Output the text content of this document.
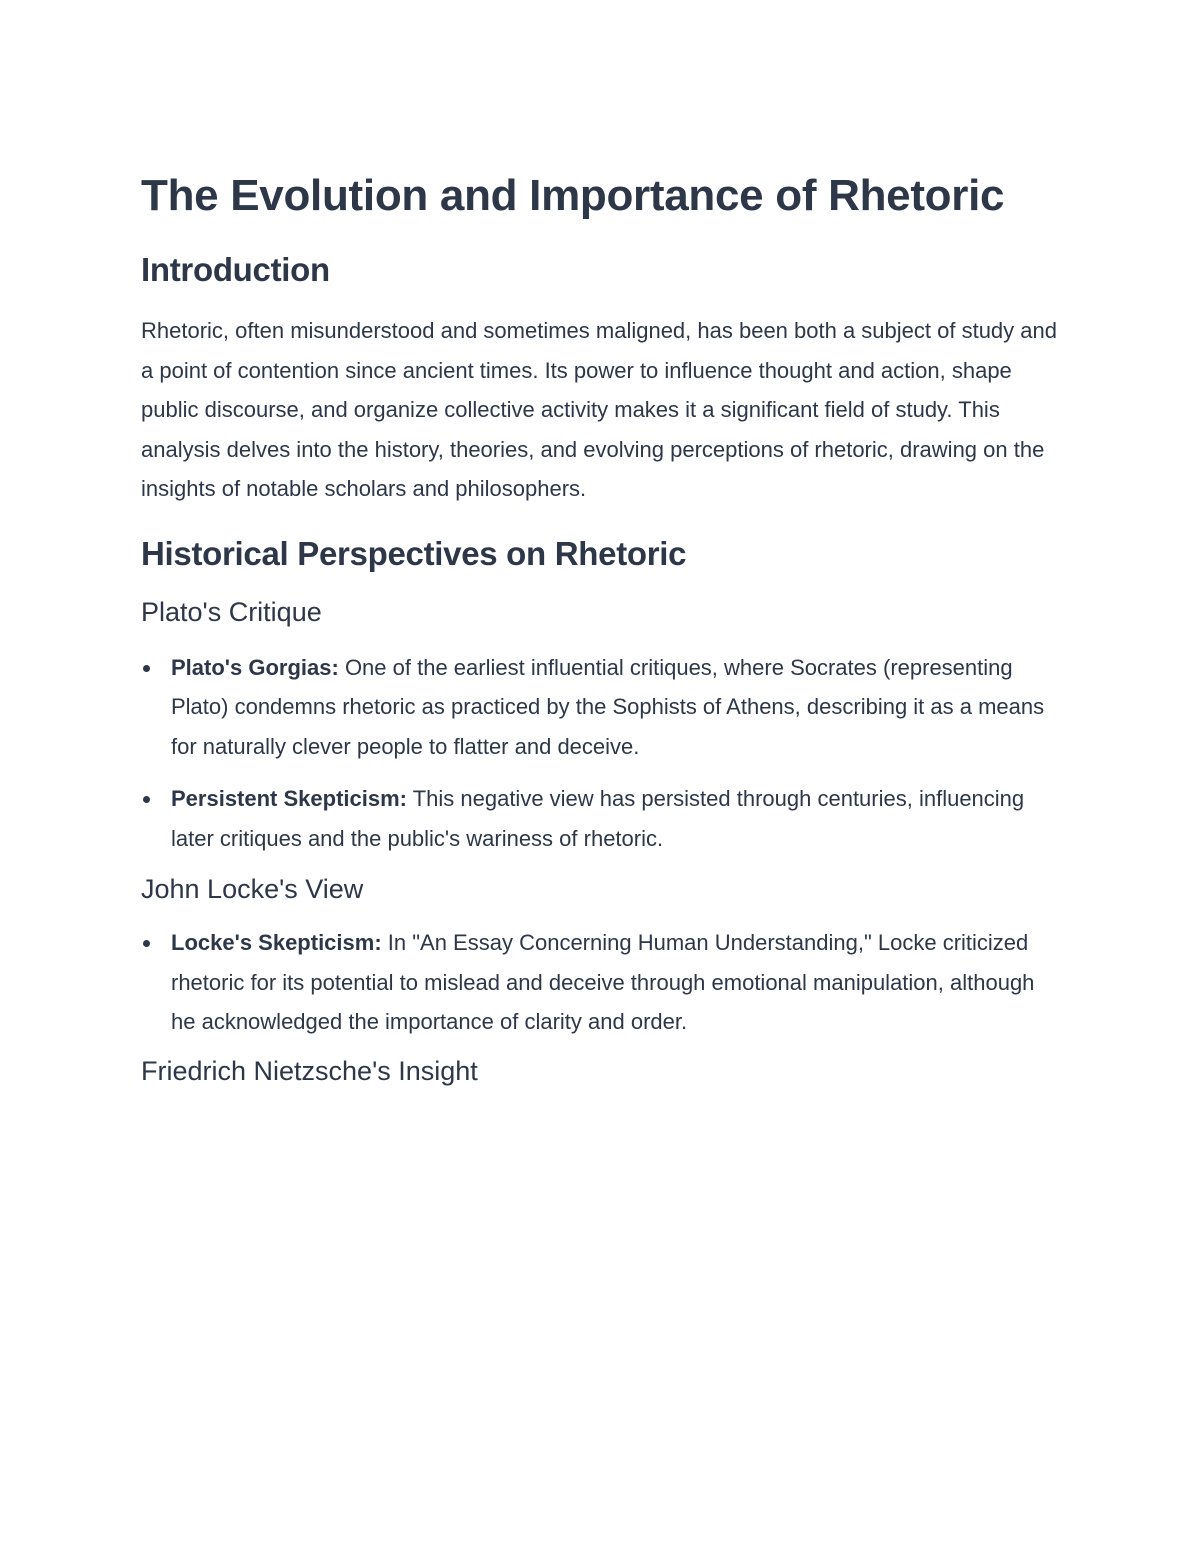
The Evolution and Importance of Rhetoric
Introduction

Rhetoric, often misunderstood and sometimes maligned, has been both a subject of study and a point of contention since ancient times. Its power to influence thought and action, shape public discourse, and organize collective activity makes it a significant field of study. This analysis delves into the history, theories, and evolving perceptions of rhetoric, drawing on the insights of notable scholars and philosophers.

Historical Perspectives on Rhetoric
Plato's Critique
Plato's Gorgias: One of the earliest influential critiques, where Socrates (representing Plato) condemns rhetoric as practiced by the Sophists of Athens, describing it as a means for naturally clever people to flatter and deceive.
Persistent Skepticism: This negative view has persisted through centuries, influencing later critiques and the public's wariness of rhetoric.
John Locke's View
Locke's Skepticism: In "An Essay Concerning Human Understanding," Locke criticized rhetoric for its potential to mislead and deceive through emotional manipulation, although he acknowledged the importance of clarity and order.
Friedrich Nietzsche's Insight
